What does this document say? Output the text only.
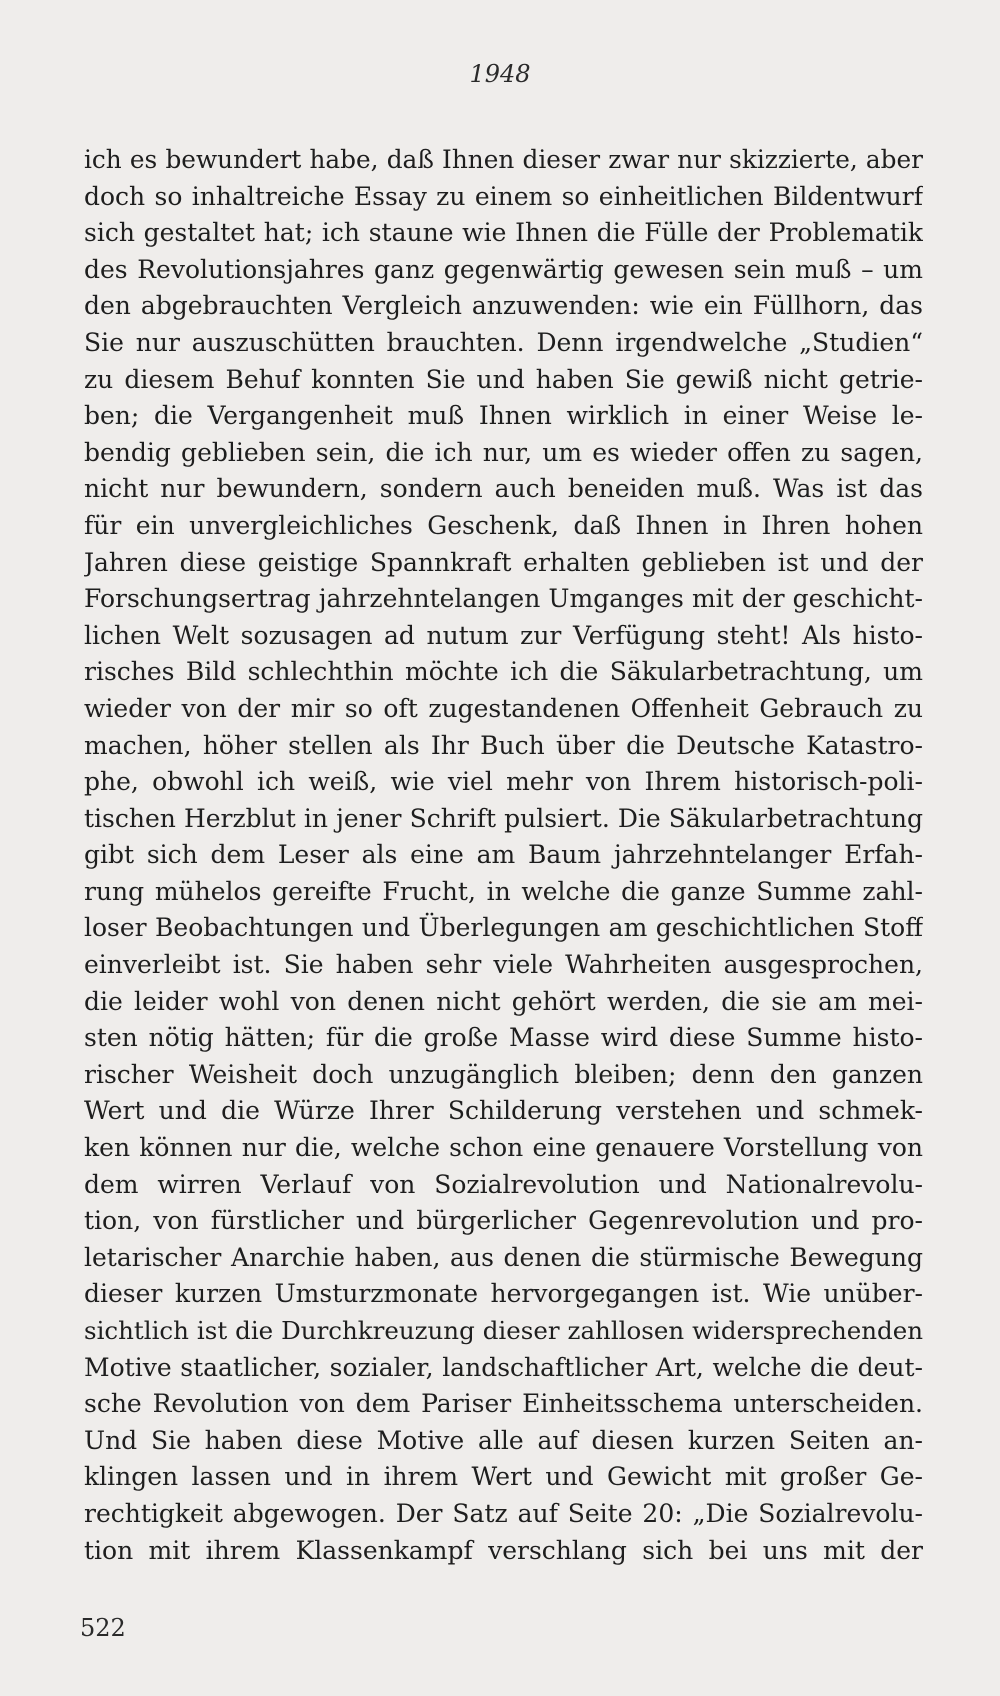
1948
ich es bewundert habe, daß Ihnen dieser zwar nur skizzierte, aber
doch so inhaltreiche Essay zu einem so einheitlichen Bildentwurf
sich gestaltet hat; ich staune wie Ihnen die Fülle der Problematik
des Revolutionsjahres ganz gegenwärtig gewesen sein muß – um
den abgebrauchten Vergleich anzuwenden: wie ein Füllhorn, das
Sie nur auszuschütten brauchten. Denn irgendwelche „Studien“
zu diesem Behuf konnten Sie und haben Sie gewiß nicht getrie-
ben; die Vergangenheit muß Ihnen wirklich in einer Weise le-
bendig geblieben sein, die ich nur, um es wieder offen zu sagen,
nicht nur bewundern, sondern auch beneiden muß. Was ist das
für ein unvergleichliches Geschenk, daß Ihnen in Ihren hohen
Jahren diese geistige Spannkraft erhalten geblieben ist und der
Forschungsertrag jahrzehntelangen Umganges mit der geschicht-
lichen Welt sozusagen ad nutum zur Verfügung steht! Als histo-
risches Bild schlechthin möchte ich die Säkularbetrachtung, um
wieder von der mir so oft zugestandenen Offenheit Gebrauch zu
machen, höher stellen als Ihr Buch über die Deutsche Katastro-
phe, obwohl ich weiß, wie viel mehr von Ihrem historisch-poli-
tischen Herzblut in jener Schrift pulsiert. Die Säkularbetrachtung
gibt sich dem Leser als eine am Baum jahrzehntelanger Erfah-
rung mühelos gereifte Frucht, in welche die ganze Summe zahl-
loser Beobachtungen und Überlegungen am geschichtlichen Stoff
einverleibt ist. Sie haben sehr viele Wahrheiten ausgesprochen,
die leider wohl von denen nicht gehört werden, die sie am mei-
sten nötig hätten; für die große Masse wird diese Summe histo-
rischer Weisheit doch unzugänglich bleiben; denn den ganzen
Wert und die Würze Ihrer Schilderung verstehen und schmek-
ken können nur die, welche schon eine genauere Vorstellung von
dem wirren Verlauf von Sozialrevolution und Nationalrevolu-
tion, von fürstlicher und bürgerlicher Gegenrevolution und pro-
letarischer Anarchie haben, aus denen die stürmische Bewegung
dieser kurzen Umsturzmonate hervorgegangen ist. Wie unüber-
sichtlich ist die Durchkreuzung dieser zahllosen widersprechenden
Motive staatlicher, sozialer, landschaftlicher Art, welche die deut-
sche Revolution von dem Pariser Einheitsschema unterscheiden.
Und Sie haben diese Motive alle auf diesen kurzen Seiten an-
klingen lassen und in ihrem Wert und Gewicht mit großer Ge-
rechtigkeit abgewogen. Der Satz auf Seite 20: „Die Sozialrevolu-
tion mit ihrem Klassenkampf verschlang sich bei uns mit der
522
